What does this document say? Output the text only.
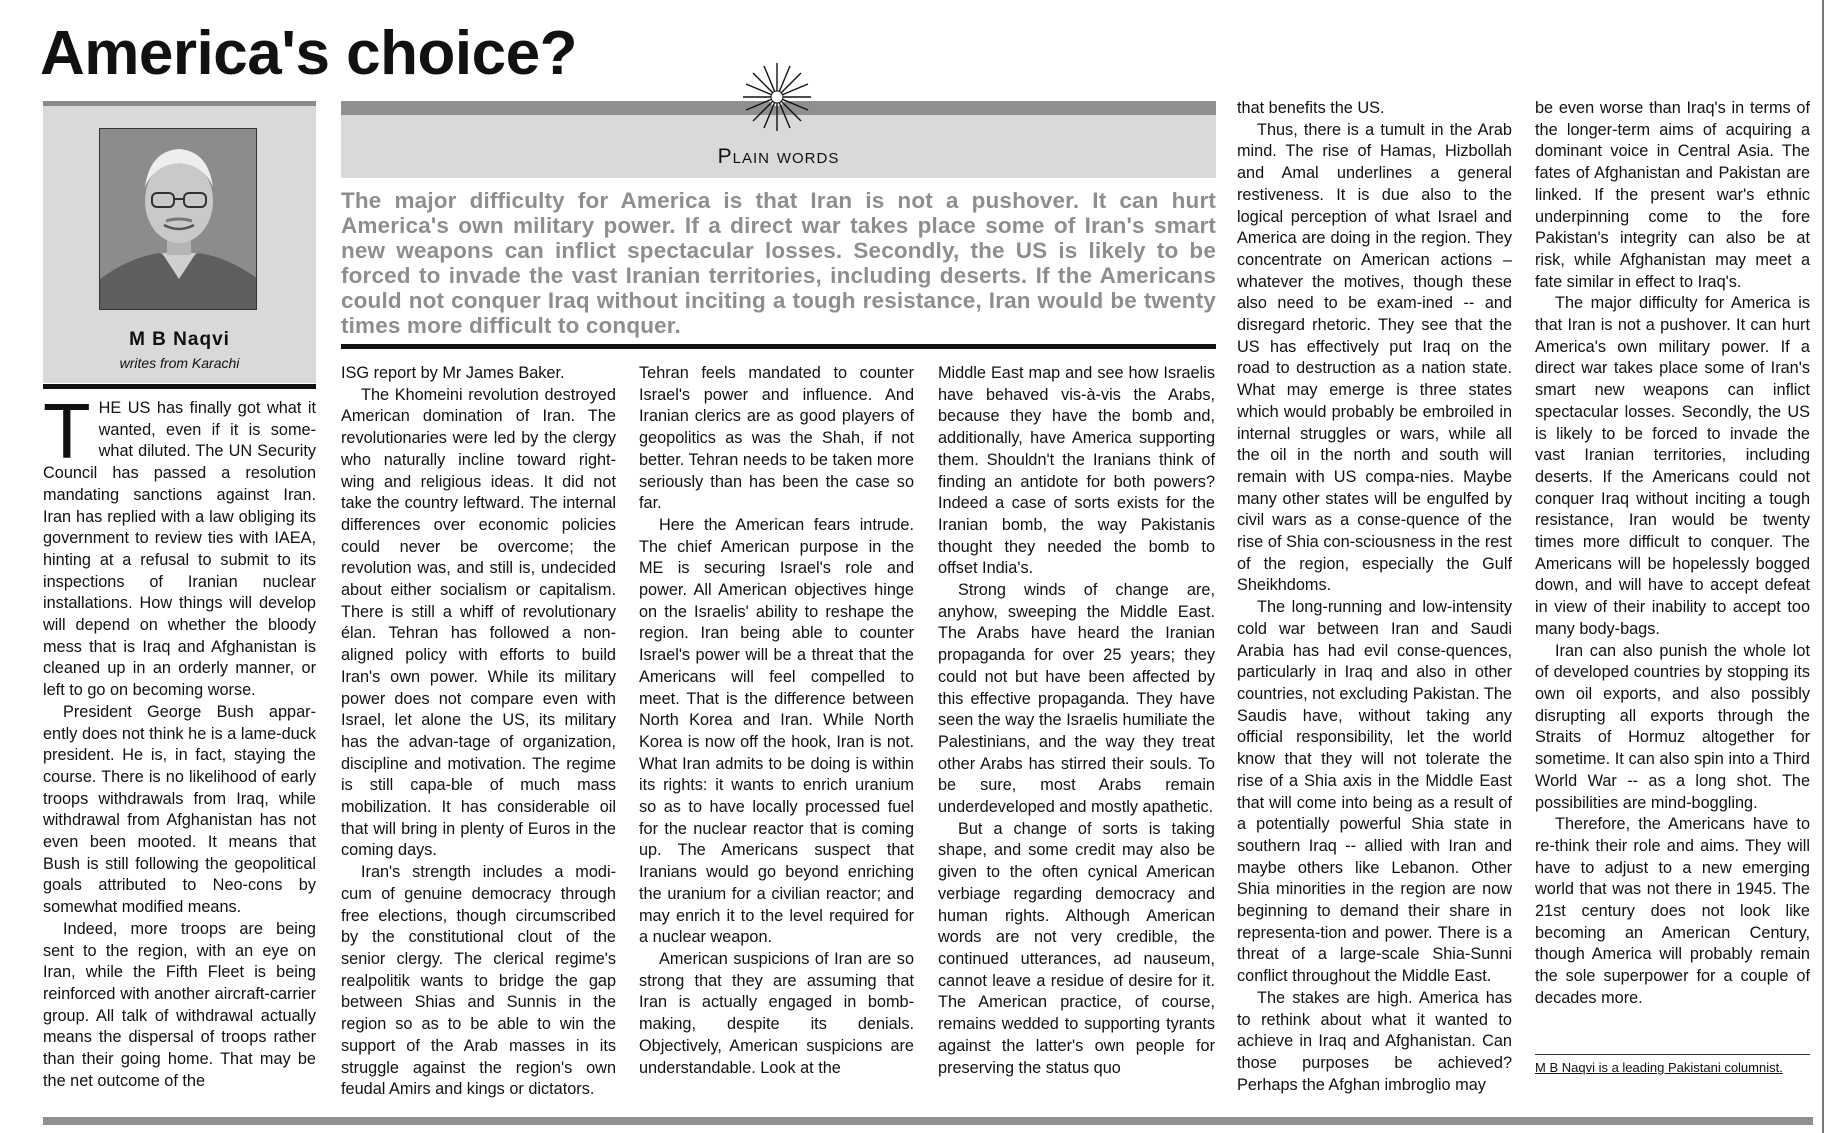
America's choice?
M B Naqvi
writes from Karachi
Plain words
The major difficulty for America is that Iran is not a pushover. It can hurt America's own military power. If a direct war takes place some of Iran's smart new weapons can inflict spectacular losses. Secondly, the US is likely to be forced to invade the vast Iranian territories, including deserts. If the Americans could not conquer Iraq without inciting a tough resistance, Iran would be twenty times more difficult to conquer.

THE US has finally got what it wanted, even if it is some-what diluted. The UN Security Council has passed a resolution mandating sanctions against Iran. Iran has replied with a law obliging its government to review ties with IAEA, hinting at a refusal to submit to its inspections of Iranian nuclear installations. How things will develop will depend on whether the bloody mess that is Iraq and Afghanistan is cleaned up in an orderly manner, or left to go on becoming worse.

President George Bush appar-ently does not think he is a lame-duck president. He is, in fact, staying the course. There is no likelihood of early troops withdrawals from Iraq, while withdrawal from Afghanistan has not even been mooted. It means that Bush is still following the geopolitical goals attributed to Neo-cons by somewhat modified means.

Indeed, more troops are being sent to the region, with an eye on Iran, while the Fifth Fleet is being reinforced with another aircraft-carrier group. All talk of withdrawal actually means the dispersal of troops rather than their going home. That may be the net outcome of the

ISG report by Mr James Baker.

The Khomeini revolution destroyed American domination of Iran. The revolutionaries were led by the clergy who naturally incline toward right-wing and religious ideas. It did not take the country leftward. The internal differences over economic policies could never be overcome; the revolution was, and still is, undecided about either socialism or capitalism. There is still a whiff of revolutionary élan. Tehran has followed a non-aligned policy with efforts to build Iran's own power. While its military power does not compare even with Israel, let alone the US, its military has the advan-tage of organization, discipline and motivation. The regime is still capa-ble of much mass mobilization. It has considerable oil that will bring in plenty of Euros in the coming days.

Iran's strength includes a modi-cum of genuine democracy through free elections, though circumscribed by the constitutional clout of the senior clergy. The clerical regime's realpolitik wants to bridge the gap between Shias and Sunnis in the region so as to be able to win the support of the Arab masses in its struggle against the region's own feudal Amirs and kings or dictators.

Tehran feels mandated to counter Israel's power and influence. And Iranian clerics are as good players of geopolitics as was the Shah, if not better. Tehran needs to be taken more seriously than has been the case so far.

Here the American fears intrude. The chief American purpose in the ME is securing Israel's role and power. All American objectives hinge on the Israelis' ability to reshape the region. Iran being able to counter Israel's power will be a threat that the Americans will feel compelled to meet. That is the difference between North Korea and Iran. While North Korea is now off the hook, Iran is not. What Iran admits to be doing is within its rights: it wants to enrich uranium so as to have locally processed fuel for the nuclear reactor that is coming up. The Americans suspect that Iranians would go beyond enriching the uranium for a civilian reactor; and may enrich it to the level required for a nuclear weapon.

American suspicions of Iran are so strong that they are assuming that Iran is actually engaged in bomb-making, despite its denials. Objectively, American suspicions are understandable. Look at the

Middle East map and see how Israelis have behaved vis-à-vis the Arabs, because they have the bomb and, additionally, have America supporting them. Shouldn't the Iranians think of finding an antidote for both powers? Indeed a case of sorts exists for the Iranian bomb, the way Pakistanis thought they needed the bomb to offset India's.

Strong winds of change are, anyhow, sweeping the Middle East. The Arabs have heard the Iranian propaganda for over 25 years; they could not but have been affected by this effective propaganda. They have seen the way the Israelis humiliate the Palestinians, and the way they treat other Arabs has stirred their souls. To be sure, most Arabs remain underdeveloped and mostly apathetic.

But a change of sorts is taking shape, and some credit may also be given to the often cynical American verbiage regarding democracy and human rights. Although American words are not very credible, the continued utterances, ad nauseum, cannot leave a residue of desire for it. The American practice, of course, remains wedded to supporting tyrants against the latter's own people for preserving the status quo

that benefits the US.

Thus, there is a tumult in the Arab mind. The rise of Hamas, Hizbollah and Amal underlines a general restiveness. It is due also to the logical perception of what Israel and America are doing in the region. They concentrate on American actions – whatever the motives, though these also need to be exam-ined -- and disregard rhetoric. They see that the US has effectively put Iraq on the road to destruction as a nation state. What may emerge is three states which would probably be embroiled in internal struggles or wars, while all the oil in the north and south will remain with US compa-nies. Maybe many other states will be engulfed by civil wars as a conse-quence of the rise of Shia con-sciousness in the rest of the region, especially the Gulf Sheikhdoms.

The long-running and low-intensity cold war between Iran and Saudi Arabia has had evil conse-quences, particularly in Iraq and also in other countries, not excluding Pakistan. The Saudis have, without taking any official responsibility, let the world know that they will not tolerate the rise of a Shia axis in the Middle East that will come into being as a result of a potentially powerful Shia state in southern Iraq -- allied with Iran and maybe others like Lebanon. Other Shia minorities in the region are now beginning to demand their share in representa-tion and power. There is a threat of a large-scale Shia-Sunni conflict throughout the Middle East.

The stakes are high. America has to rethink about what it wanted to achieve in Iraq and Afghanistan. Can those purposes be achieved? Perhaps the Afghan imbroglio may

be even worse than Iraq's in terms of the longer-term aims of acquiring a dominant voice in Central Asia. The fates of Afghanistan and Pakistan are linked. If the present war's ethnic underpinning come to the fore Pakistan's integrity can also be at risk, while Afghanistan may meet a fate similar in effect to Iraq's.

The major difficulty for America is that Iran is not a pushover. It can hurt America's own military power. If a direct war takes place some of Iran's smart new weapons can inflict spectacular losses. Secondly, the US is likely to be forced to invade the vast Iranian territories, including deserts. If the Americans could not conquer Iraq without inciting a tough resistance, Iran would be twenty times more difficult to conquer. The Americans will be hopelessly bogged down, and will have to accept defeat in view of their inability to accept too many body-bags.

Iran can also punish the whole lot of developed countries by stopping its own oil exports, and also possibly disrupting all exports through the Straits of Hormuz altogether for sometime. It can also spin into a Third World War -- as a long shot. The possibilities are mind-boggling.

Therefore, the Americans have to re-think their role and aims. They will have to adjust to a new emerging world that was not there in 1945. The 21st century does not look like becoming an American Century, though America will probably remain the sole superpower for a couple of decades more.

M B Naqvi is a leading Pakistani columnist.
